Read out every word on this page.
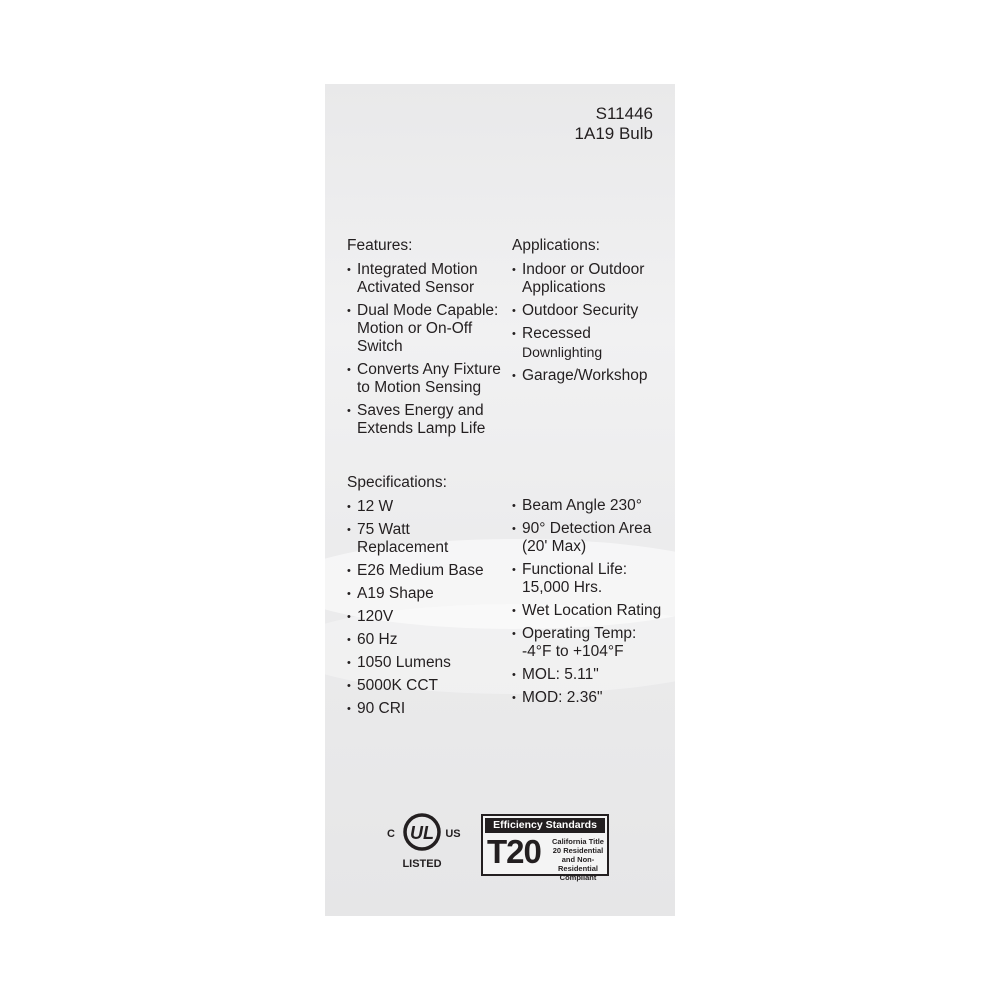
S11446
1A19 Bulb
Features:
• Integrated Motion
Activated Sensor
• Dual Mode Capable:
Motion or On-Off
Switch
• Converts Any Fixture
to Motion Sensing
• Saves Energy and
Extends Lamp Life
Applications:
• Indoor or Outdoor
Applications
• Outdoor Security
• Recessed
Downlighting
• Garage/Workshop
Specifications:
• 12 W
• 75 Watt
Replacement
• E26 Medium Base
• A19 Shape
• 120V
• 60 Hz
• 1050 Lumens
• 5000K CCT
• 90 CRI
• Beam Angle 230°
• 90° Detection Area
(20' Max)
• Functional Life:
15,000 Hrs.
• Wet Location Rating
• Operating Temp:
-4°F to +104°F
• MOL: 5.11"
• MOD: 2.36"
UL
C	US
LISTED
Efficiency Standards
T20	California Title 20 Residential and Non-Residential Compliant
